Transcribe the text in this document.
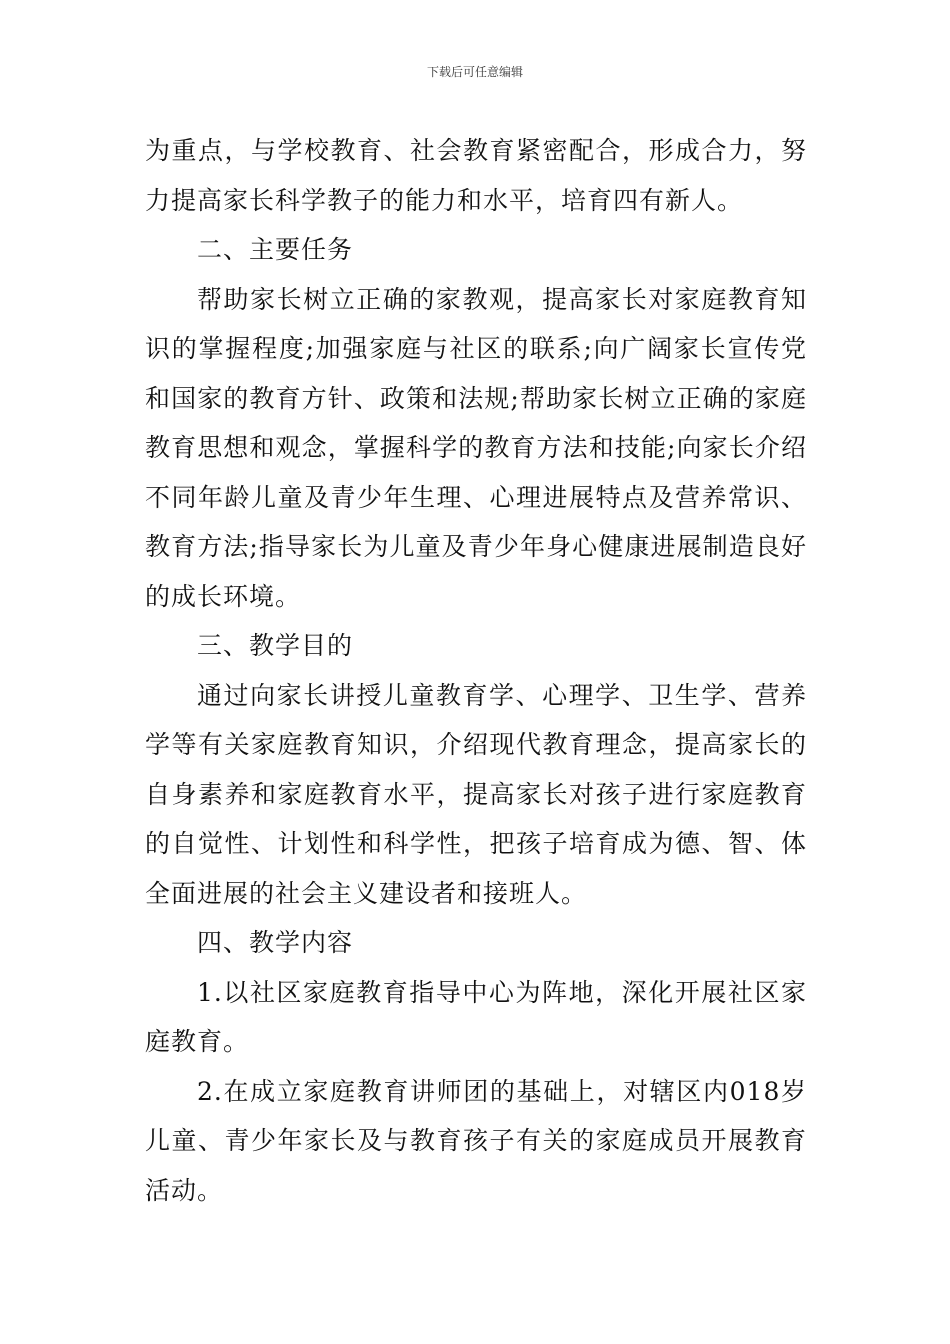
下载后可任意编辑

为重点，与学校教育、社会教育紧密配合，形成合力，努力提高家长科学教子的能力和水平，培育四有新人。

二、主要任务

帮助家长树立正确的家教观，提高家长对家庭教育知识的掌握程度;加强家庭与社区的联系;向广阔家长宣传党和国家的教育方针、政策和法规;帮助家长树立正确的家庭教育思想和观念，掌握科学的教育方法和技能;向家长介绍不同年龄儿童及青少年生理、心理进展特点及营养常识、教育方法;指导家长为儿童及青少年身心健康进展制造良好的成长环境。

三、教学目的

通过向家长讲授儿童教育学、心理学、卫生学、营养学等有关家庭教育知识，介绍现代教育理念，提高家长的自身素养和家庭教育水平，提高家长对孩子进行家庭教育的自觉性、计划性和科学性，把孩子培育成为德、智、体全面进展的社会主义建设者和接班人。

四、教学内容

1.以社区家庭教育指导中心为阵地，深化开展社区家庭教育。

2.在成立家庭教育讲师团的基础上，对辖区内018岁儿童、青少年家长及与教育孩子有关的家庭成员开展教育活动。
